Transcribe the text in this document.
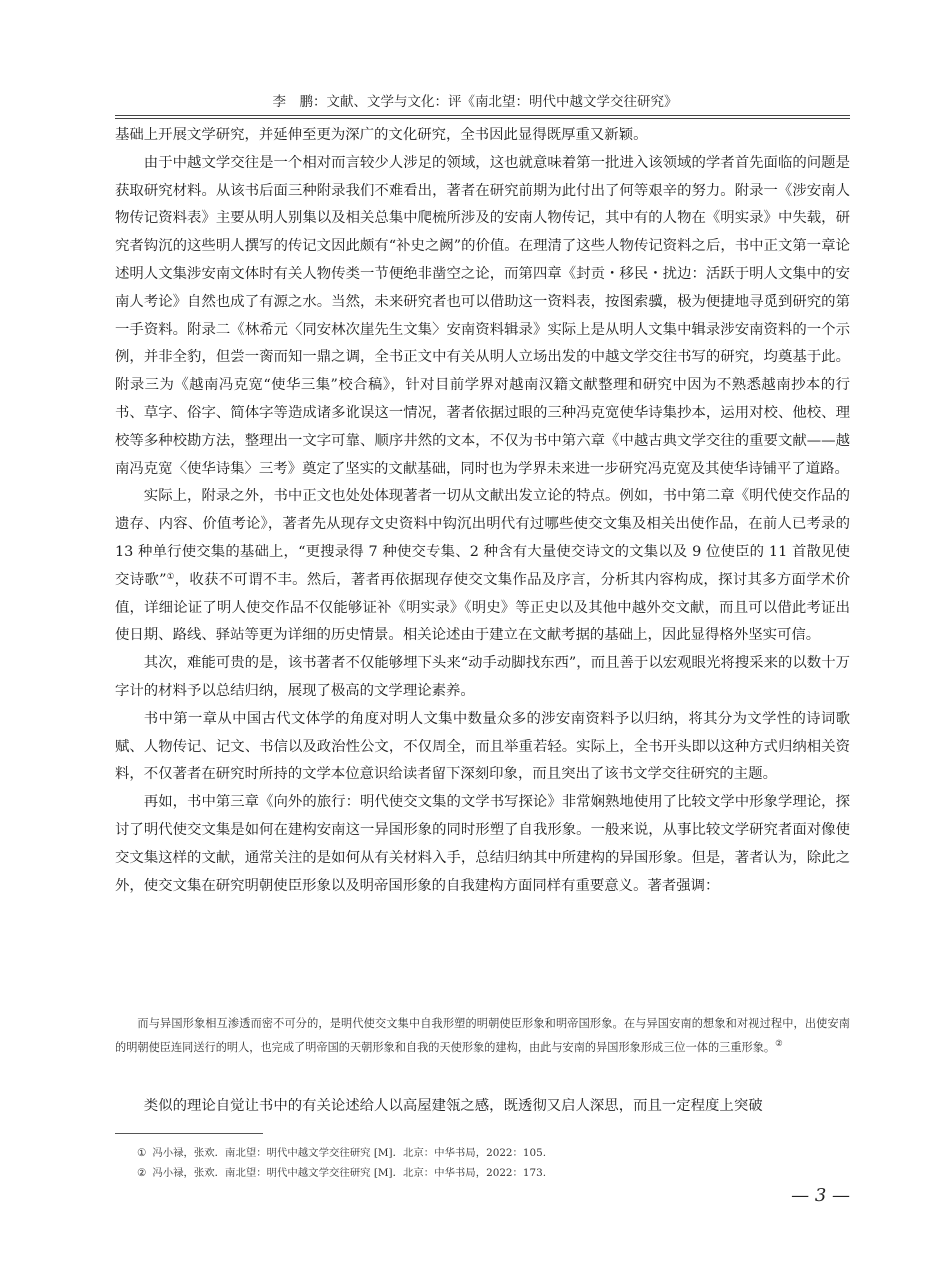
李　鹏：文献、文学与文化：评《南北望：明代中越文学交往研究》

基础上开展文学研究，并延伸至更为深广的文化研究，全书因此显得既厚重又新颖。

由于中越文学交往是一个相对而言较少人涉足的领域，这也就意味着第一批进入该领域的学者首先面临的问题是获取研究材料。从该书后面三种附录我们不难看出，著者在研究前期为此付出了何等艰辛的努力。附录一《涉安南人物传记资料表》主要从明人别集以及相关总集中爬梳所涉及的安南人物传记，其中有的人物在《明实录》中失载，研究者钩沉的这些明人撰写的传记文因此颇有“补史之阙”的价值。在理清了这些人物传记资料之后，书中正文第一章论述明人文集涉安南文体时有关人物传类一节便绝非凿空之论，而第四章《封贡・移民・扰边：活跃于明人文集中的安南人考论》自然也成了有源之水。当然，未来研究者也可以借助这一资料表，按图索骥，极为便捷地寻觅到研究的第一手资料。附录二《林希元〈同安林次崖先生文集〉安南资料辑录》实际上是从明人文集中辑录涉安南资料的一个示例，并非全豹，但尝一脔而知一鼎之调，全书正文中有关从明人立场出发的中越文学交往书写的研究，均奠基于此。附录三为《越南冯克宽“使华三集”校合稿》，针对目前学界对越南汉籍文献整理和研究中因为不熟悉越南抄本的行书、草字、俗字、简体字等造成诸多讹误这一情况，著者依据过眼的三种冯克宽使华诗集抄本，运用对校、他校、理校等多种校勘方法，整理出一文字可靠、顺序井然的文本，不仅为书中第六章《中越古典文学交往的重要文献——越南冯克宽〈使华诗集〉三考》奠定了坚实的文献基础，同时也为学界未来进一步研究冯克宽及其使华诗铺平了道路。

实际上，附录之外，书中正文也处处体现著者一切从文献出发立论的特点。例如，书中第二章《明代使交作品的遗存、内容、价值考论》，著者先从现存文史资料中钩沉出明代有过哪些使交文集及相关出使作品，在前人已考录的 13 种单行使交集的基础上，“更搜录得 7 种使交专集、2 种含有大量使交诗文的文集以及 9 位使臣的 11 首散见使交诗歌”①，收获不可谓不丰。然后，著者再依据现存使交文集作品及序言，分析其内容构成，探讨其多方面学术价值，详细论证了明人使交作品不仅能够证补《明实录》《明史》等正史以及其他中越外交文献，而且可以借此考证出使日期、路线、驿站等更为详细的历史情景。相关论述由于建立在文献考据的基础上，因此显得格外坚实可信。

其次，难能可贵的是，该书著者不仅能够埋下头来“动手动脚找东西”，而且善于以宏观眼光将搜采来的以数十万字计的材料予以总结归纳，展现了极高的文学理论素养。

书中第一章从中国古代文体学的角度对明人文集中数量众多的涉安南资料予以归纳，将其分为文学性的诗词歌赋、人物传记、记文、书信以及政治性公文，不仅周全，而且举重若轻。实际上，全书开头即以这种方式归纳相关资料，不仅著者在研究时所持的文学本位意识给读者留下深刻印象，而且突出了该书文学交往研究的主题。

再如，书中第三章《向外的旅行：明代使交文集的文学书写探论》非常娴熟地使用了比较文学中形象学理论，探讨了明代使交文集是如何在建构安南这一异国形象的同时形塑了自我形象。一般来说，从事比较文学研究者面对像使交文集这样的文献，通常关注的是如何从有关材料入手，总结归纳其中所建构的异国形象。但是，著者认为，除此之外，使交文集在研究明朝使臣形象以及明帝国形象的自我建构方面同样有重要意义。著者强调：

而与异国形象相互渗透而密不可分的，是明代使交文集中自我形塑的明朝使臣形象和明帝国形象。在与异国安南的想象和对视过程中，出使安南的明朝使臣连同送行的明人，也完成了明帝国的天朝形象和自我的天使形象的建构，由此与安南的异国形象形成三位一体的三重形象。②
类似的理论自觉让书中的有关论述给人以高屋建瓴之感，既透彻又启人深思，而且一定程度上突破
① 冯小禄，张欢．南北望：明代中越文学交往研究 [M]．北京：中华书局，2022：105.
② 冯小禄，张欢．南北望：明代中越文学交往研究 [M]．北京：中华书局，2022：173.
— 3 —
